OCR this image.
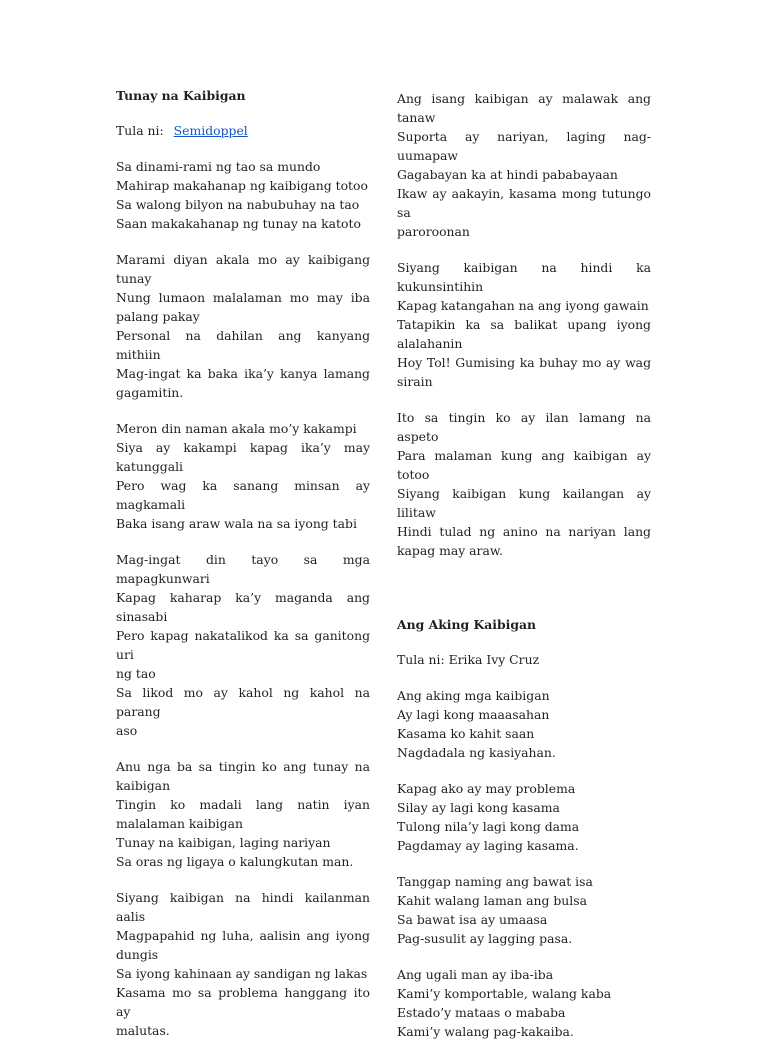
Tunay na Kaibigan

Tula ni: Semidoppel

Sa dinami-rami ng tao sa mundo
Mahirap makahanap ng kaibigang totoo
Sa walong bilyon na nabubuhay na tao
Saan makakahanap ng tunay na katoto
Marami diyan akala mo ay kaibigang
tunay
Nung lumaon malalaman mo may iba
palang pakay
Personal na dahilan ang kanyang mithiin
Mag-ingat ka baka ika’y kanya lamang
gagamitin.
Meron din naman akala mo’y kakampi
Siya ay kakampi kapag ika’y may
katunggali
Pero wag ka sanang minsan ay
magkamali
Baka isang araw wala na sa iyong tabi
Mag-ingat din tayo sa mga mapagkunwari
Kapag kaharap ka’y maganda ang
sinasabi
Pero kapag nakatalikod ka sa ganitong uri
ng tao
Sa likod mo ay kahol ng kahol na parang
aso
Anu nga ba sa tingin ko ang tunay na
kaibigan
Tingin ko madali lang natin iyan
malalaman kaibigan
Tunay na kaibigan, laging nariyan
Sa oras ng ligaya o kalungkutan man.
Siyang kaibigan na hindi kailanman aalis
Magpapahid ng luha, aalisin ang iyong
dungis
Sa iyong kahinaan ay sandigan ng lakas
Kasama mo sa problema hanggang ito ay
malutas.
Ang isang kaibigan ay malawak ang
tanaw
Suporta ay nariyan, laging nag-uumapaw
Gagabayan ka at hindi pababayaan
Ikaw ay aakayin, kasama mong tutungo sa
paroroonan
Siyang kaibigan na hindi ka kukunsintihin
Kapag katangahan na ang iyong gawain
Tatapikin ka sa balikat upang iyong
alalahanin
Hoy Tol! Gumising ka buhay mo ay wag
sirain
Ito sa tingin ko ay ilan lamang na aspeto
Para malaman kung ang kaibigan ay totoo
Siyang kaibigan kung kailangan ay lilitaw
Hindi tulad ng anino na nariyan lang
kapag may araw.

Ang Aking Kaibigan

Tula ni: Erika Ivy Cruz

Ang aking mga kaibigan
Ay lagi kong maaasahan
Kasama ko kahit saan
Nagdadala ng kasiyahan.
Kapag ako ay may problema
Silay ay lagi kong kasama
Tulong nila’y lagi kong dama
Pagdamay ay laging kasama.
Tanggap naming ang bawat isa
Kahit walang laman ang bulsa
Sa bawat isa ay umaasa
Pag-susulit ay lagging pasa.
Ang ugali man ay iba-iba
Kami’y komportable, walang kaba
Estado’y mataas o mababa
Kami’y walang pag-kakaiba.
